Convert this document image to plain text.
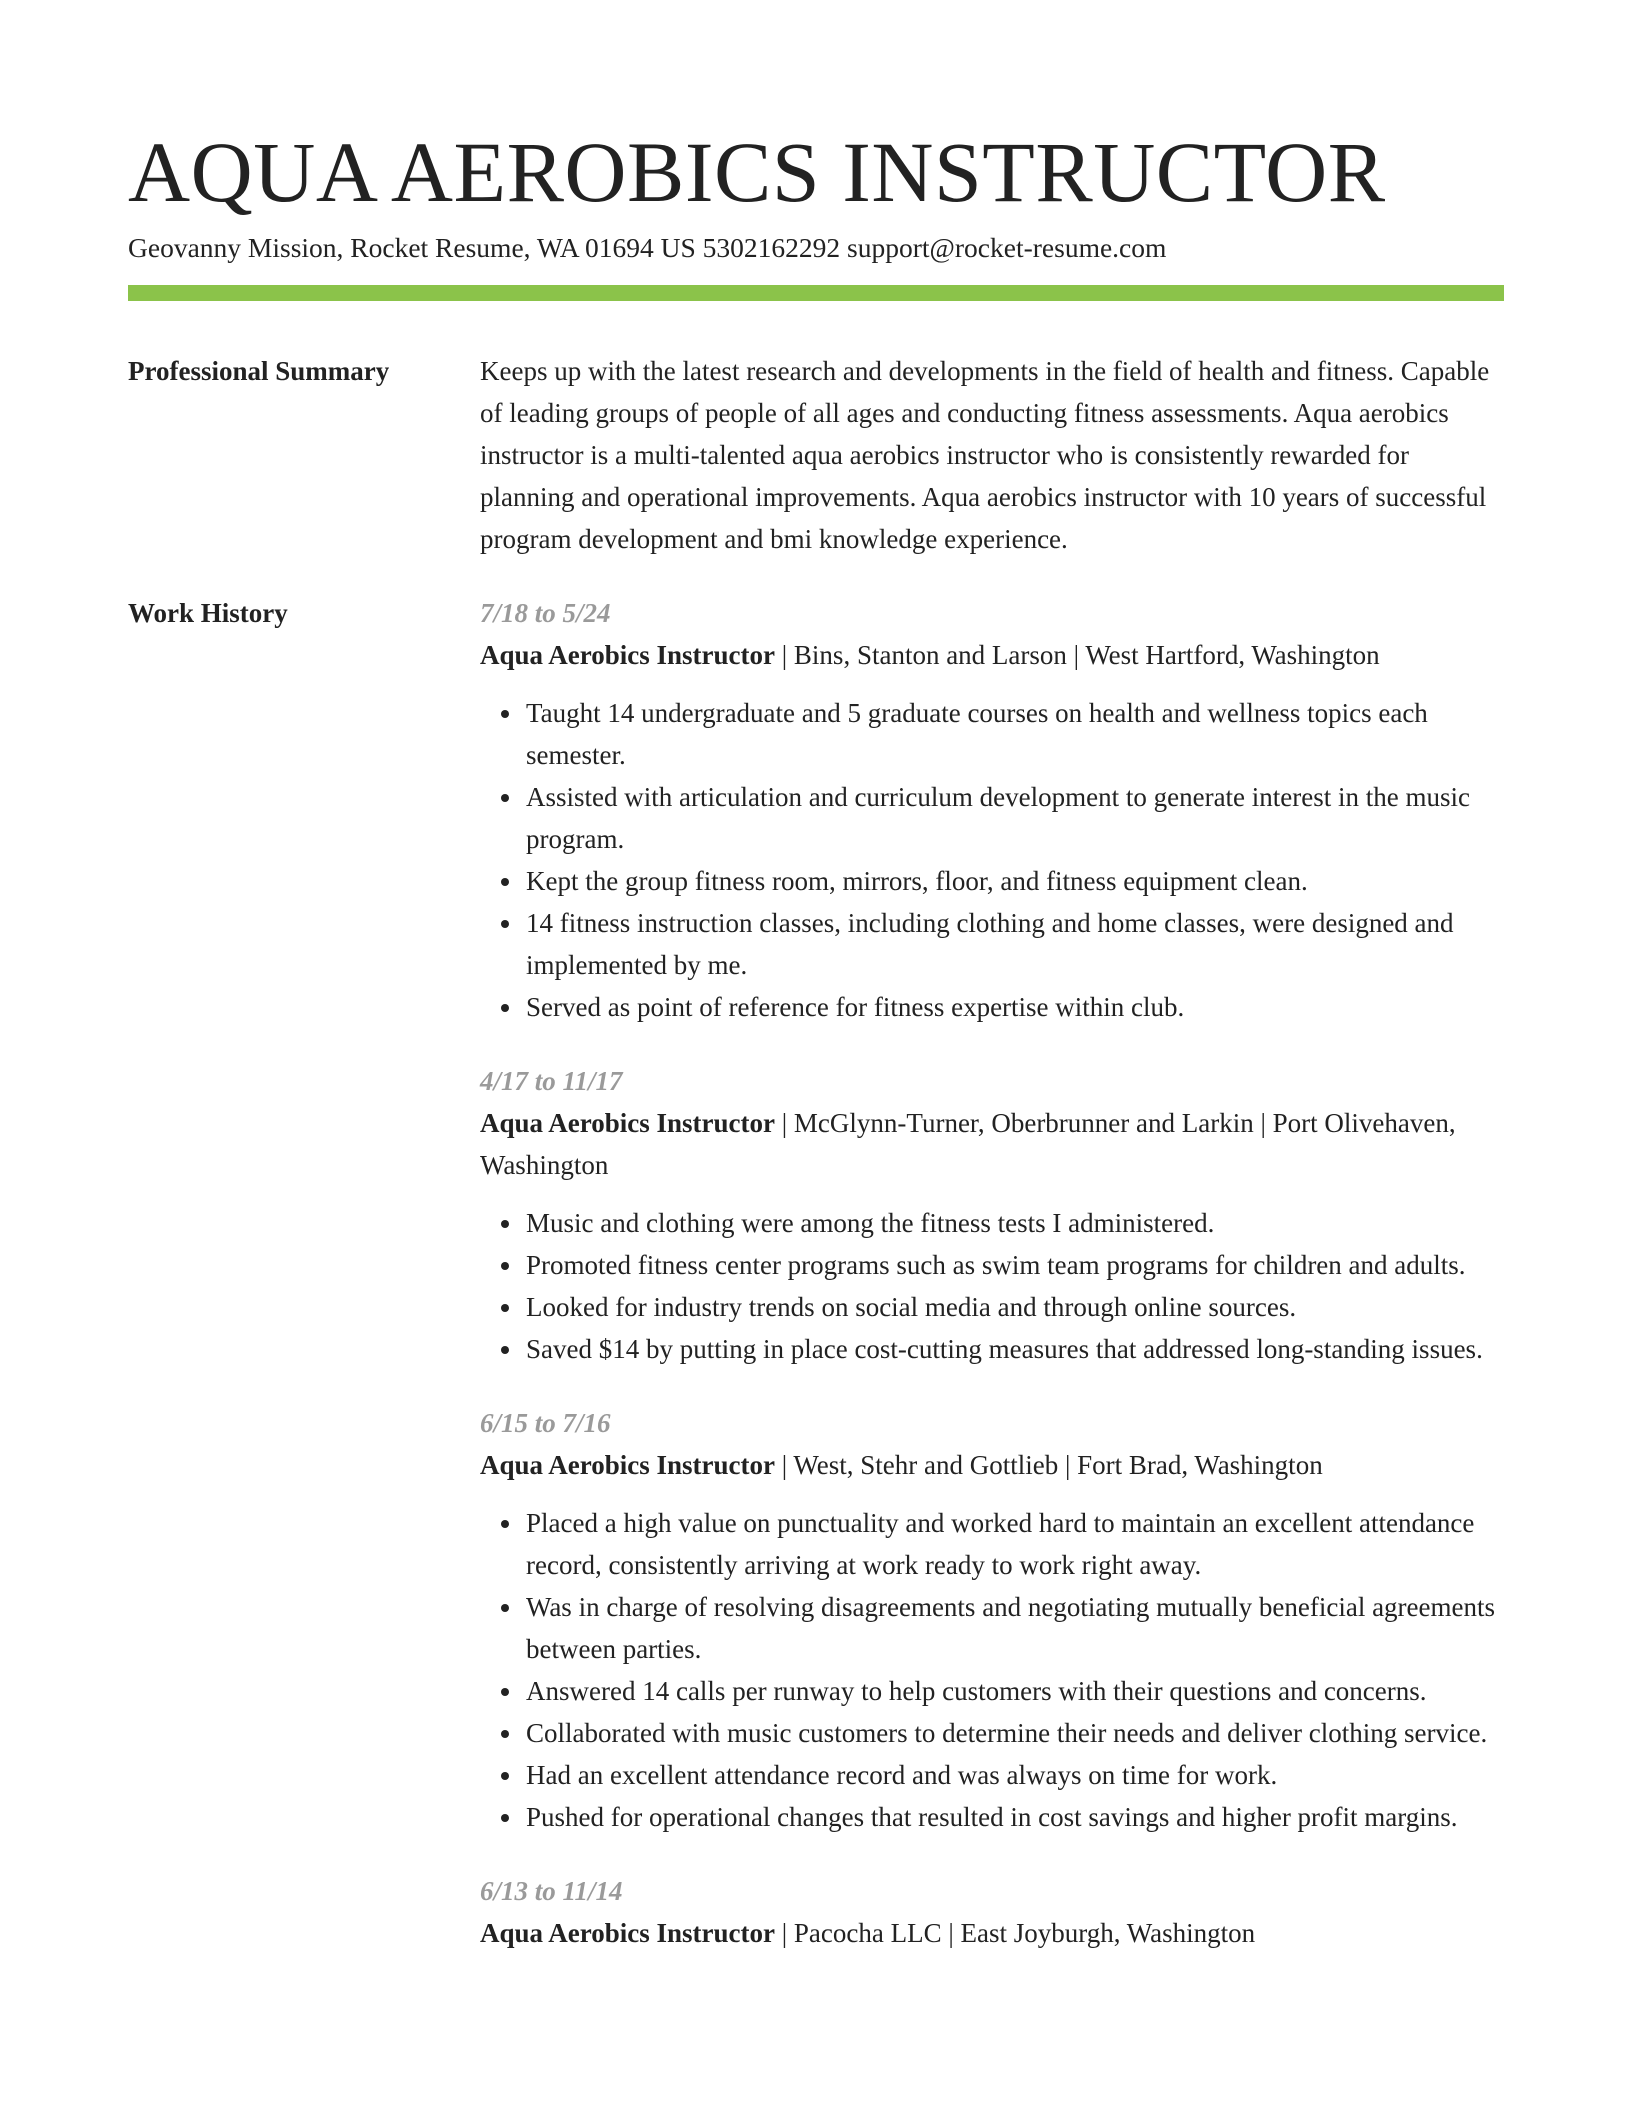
AQUA AEROBICS INSTRUCTOR
Geovanny Mission, Rocket Resume, WA 01694 US 5302162292 support@rocket-resume.com
Professional Summary	Keeps up with the latest research and developments in the field of health and fitness. Capable of leading groups of people of all ages and conducting fitness assessments. Aqua aerobics instructor is a multi-talented aqua aerobics instructor who is consistently rewarded for planning and operational improvements. Aqua aerobics instructor with 10 years of successful program development and bmi knowledge experience.

Work History	7/18 to 5/24

Aqua Aerobics Instructor | Bins, Stanton and Larson | West Hartford, Washington

• Taught 14 undergraduate and 5 graduate courses on health and wellness topics each semester.
• Assisted with articulation and curriculum development to generate interest in the music program.
• Kept the group fitness room, mirrors, floor, and fitness equipment clean.
• 14 fitness instruction classes, including clothing and home classes, were designed and implemented by me.
• Served as point of reference for fitness expertise within club.
4/17 to 11/17

Aqua Aerobics Instructor | McGlynn-Turner, Oberbrunner and Larkin | Port Olivehaven, Washington

• Music and clothing were among the fitness tests I administered.
• Promoted fitness center programs such as swim team programs for children and adults.
• Looked for industry trends on social media and through online sources.
• Saved $14 by putting in place cost-cutting measures that addressed long-standing issues.
6/15 to 7/16

Aqua Aerobics Instructor | West, Stehr and Gottlieb | Fort Brad, Washington

• Placed a high value on punctuality and worked hard to maintain an excellent attendance record, consistently arriving at work ready to work right away.
• Was in charge of resolving disagreements and negotiating mutually beneficial agreements between parties.
• Answered 14 calls per runway to help customers with their questions and concerns.
• Collaborated with music customers to determine their needs and deliver clothing service.
• Had an excellent attendance record and was always on time for work.
• Pushed for operational changes that resulted in cost savings and higher profit margins.
6/13 to 11/14

Aqua Aerobics Instructor | Pacocha LLC | East Joyburgh, Washington
